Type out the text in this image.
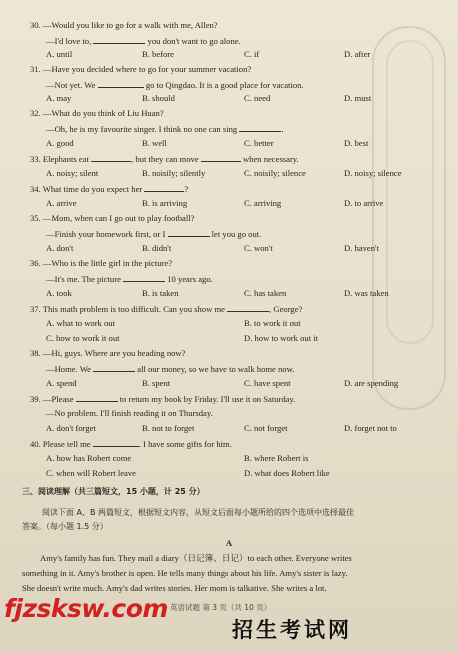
30. —Would you like to go for a walk with me, Allen?
—I'd love to,	you don't want to go alone.
A. until	B. before	C. if	D. after
31. —Have you decided where to go for your summer vacation?
—Not yet. We	go to Qingdao. It is a good place for vacation.
A. may	B. should	C. need	D. must
32. —What do you think of Liu Huan?
—Oh, he is my favourite singer. I think no one can sing	.
A. good	B. well	C. better	D. best
33. Elephants eat	, but they can move	when necessary.
A. noisy; silent	B. noisily; silently	C. noisily; silence	D. noisy; silence
34. What time do you expect her	?
A. arrive	B. is arriving	C. arriving	D. to arrive
35. —Mom, when can I go out to play football?
—Finish your homework first, or I	let you go out.
A. don't	B. didn't	C. won't	D. haven't
36. —Who is the little girl in the picture?
—It's me. The picture	10 years ago.
A. took	B. is taken	C. has taken	D. was taken
37. This math problem is too difficult. Can you show me	, George?
A. what to work out	B. to work it out
C. how to work it out	D. how to work out it
38. —Hi, guys. Where are you heading now?
—Home. We	all our money, so we have to walk home now.
A. spend	B. spent	C. have spent	D. are spending
39. —Please	to return my book by Friday. I'll use it on Saturday.
—No problem. I'll finish reading it on Thursday.
A. don't forget	B. not to forget	C. not forget	D. forget not to
40. Please tell me	. I have some gifts for him.
A. how has Robert come	B. where Robert is
C. when will Robert leave	D. what does Robert like
三、阅读理解（共三篇短文，15 小题，计 25 分）
阅读下面 A、B 两篇短文，根据短文内容，从短文后面每小题所给的四个选项中选择最佳
答案。（每小题 1.5 分）
A
Amy's family has fun. They mail a diary（日记簿、日记）to each other. Everyone writes
something in it. Amy's brother is open. He tells many things about his life. Amy's sister is lazy.
She doesn't write much. Amy's dad writes stories. Her mom is talkative. She writes a lot.
英语试题 第 3 页（共 10 页）
fjzsksw.com
招生考试网
